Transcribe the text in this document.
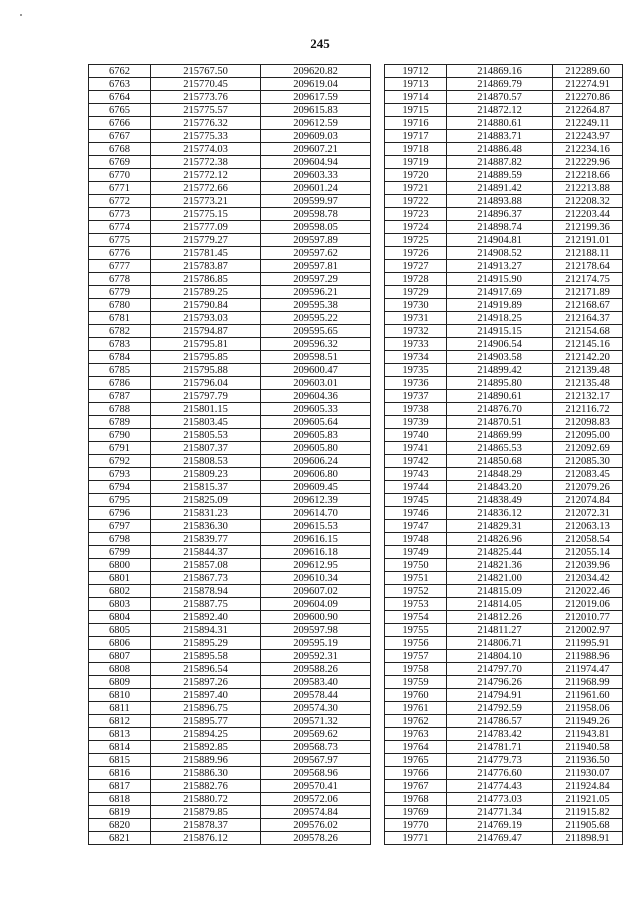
245
6762	215767.50	209620.82		19712	214869.16	212289.60
6763	215770.45	209619.04		19713	214869.79	212274.91
6764	215773.76	209617.59		19714	214870.57	212270.86
6765	215775.57	209615.83		19715	214872.12	212264.87
6766	215776.32	209612.59		19716	214880.61	212249.11
6767	215775.33	209609.03		19717	214883.71	212243.97
6768	215774.03	209607.21		19718	214886.48	212234.16
6769	215772.38	209604.94		19719	214887.82	212229.96
6770	215772.12	209603.33		19720	214889.59	212218.66
6771	215772.66	209601.24		19721	214891.42	212213.88
6772	215773.21	209599.97		19722	214893.88	212208.32
6773	215775.15	209598.78		19723	214896.37	212203.44
6774	215777.09	209598.05		19724	214898.74	212199.36
6775	215779.27	209597.89		19725	214904.81	212191.01
6776	215781.45	209597.62		19726	214908.52	212188.11
6777	215783.87	209597.81		19727	214913.27	212178.64
6778	215786.85	209597.29		19728	214915.90	212174.75
6779	215789.25	209596.21		19729	214917.69	212171.89
6780	215790.84	209595.38		19730	214919.89	212168.67
6781	215793.03	209595.22		19731	214918.25	212164.37
6782	215794.87	209595.65		19732	214915.15	212154.68
6783	215795.81	209596.32		19733	214906.54	212145.16
6784	215795.85	209598.51		19734	214903.58	212142.20
6785	215795.88	209600.47		19735	214899.42	212139.48
6786	215796.04	209603.01		19736	214895.80	212135.48
6787	215797.79	209604.36		19737	214890.61	212132.17
6788	215801.15	209605.33		19738	214876.70	212116.72
6789	215803.45	209605.64		19739	214870.51	212098.83
6790	215805.53	209605.83		19740	214869.99	212095.00
6791	215807.37	209605.80		19741	214865.53	212092.69
6792	215808.53	209606.24		19742	214850.68	212085.30
6793	215809.23	209606.80		19743	214848.29	212083.45
6794	215815.37	209609.45		19744	214843.20	212079.26
6795	215825.09	209612.39		19745	214838.49	212074.84
6796	215831.23	209614.70		19746	214836.12	212072.31
6797	215836.30	209615.53		19747	214829.31	212063.13
6798	215839.77	209616.15		19748	214826.96	212058.54
6799	215844.37	209616.18		19749	214825.44	212055.14
6800	215857.08	209612.95		19750	214821.36	212039.96
6801	215867.73	209610.34		19751	214821.00	212034.42
6802	215878.94	209607.02		19752	214815.09	212022.46
6803	215887.75	209604.09		19753	214814.05	212019.06
6804	215892.40	209600.90		19754	214812.26	212010.77
6805	215894.31	209597.98		19755	214811.27	212002.97
6806	215895.29	209595.19		19756	214806.71	211995.91
6807	215895.58	209592.31		19757	214804.10	211988.96
6808	215896.54	209588.26		19758	214797.70	211974.47
6809	215897.26	209583.40		19759	214796.26	211968.99
6810	215897.40	209578.44		19760	214794.91	211961.60
6811	215896.75	209574.30		19761	214792.59	211958.06
6812	215895.77	209571.32		19762	214786.57	211949.26
6813	215894.25	209569.62		19763	214783.42	211943.81
6814	215892.85	209568.73		19764	214781.71	211940.58
6815	215889.96	209567.97		19765	214779.73	211936.50
6816	215886.30	209568.96		19766	214776.60	211930.07
6817	215882.76	209570.41		19767	214774.43	211924.84
6818	215880.72	209572.06		19768	214773.03	211921.05
6819	215879.85	209574.84		19769	214771.34	211915.82
6820	215878.37	209576.02		19770	214769.19	211905.68
6821	215876.12	209578.26		19771	214769.47	211898.91
